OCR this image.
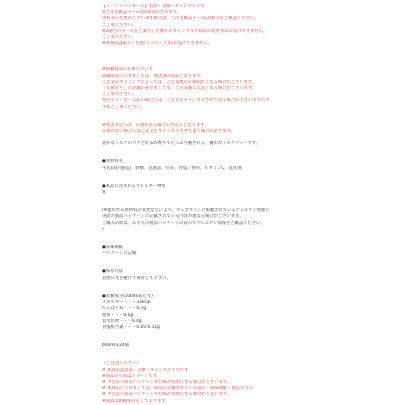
【イージャパンモール】返品・交換・キャンセル不可
※ご注文確認メールは1週送信されます。
送料等の変更がございます場合は、ご注文確認メール(2通目)をご確認ください。
ご了承ください。
※2通目のメールをご案内した後でのキャンセルや商品の変更等はお受けできません。
ご了承ください。
※本商品は熨斗・包装(ラッピング)はお受けできません。
※掲載商品の在庫について
掲載商品につきましては、他店併売商品となります。
ご注文のタイミングによっては、ご注文後に在庫切れとなる場合がございます。
「在庫有り」に記載がありましても、ご注文後に欠品となる場合がございます。
ご了承ください。
発売やメーカー欠品の場合には、ご注文をキャンセルさせて頂く場合がございますので
予めご了承ください。
※発送予定日は、在庫がある場合の予定日となります。
在庫がない場合にはご注文をキャンセルさせて頂く場合があります。
豊かなミルクのコクと紅茶の香りでたっぷり癒される、贅沢なミルクティーです。
●原材料名
牛乳(国内製造)、砂糖、乳製品、紅茶、食塩／香料、ビタミンC、乳化剤
●本品に含まれるアレルギー物質
乳
(※使用する原材料の変更などにより、ウェブサイトに掲載されているアレルゲン情報と
実際の製品パッケージに記載されている内容が異なる場合がございます。
ご購入の際は、お手元の製品パッケージの表示でアレルゲン情報をご確認ください。
)
●賞味期限
パッケージに記載
●保存方法
直射日光を避けて保管して下さい。
●栄養成分(100mlあたり)
エネルギー・・・33kcal
たんぱく質・・・0.7g
脂質・・・0.5g
炭水化物・・・6.4g
食塩相当量・・・0.05-0.11g
600ml×24個
《ご注意ください》
※ 本商品は返品・交換・キャンセル不可です
※商品の写真はイメージです。
※ 予告なく商品パッケージや仕様が変更になる場合がございます。
※ 本商品につきましては、商品に記載されている表示・賞味期限・製造年月の
※ 予告なく商品パッケージや仕様が変更になる場合がございます。
※商品は菌種保存をしております。
